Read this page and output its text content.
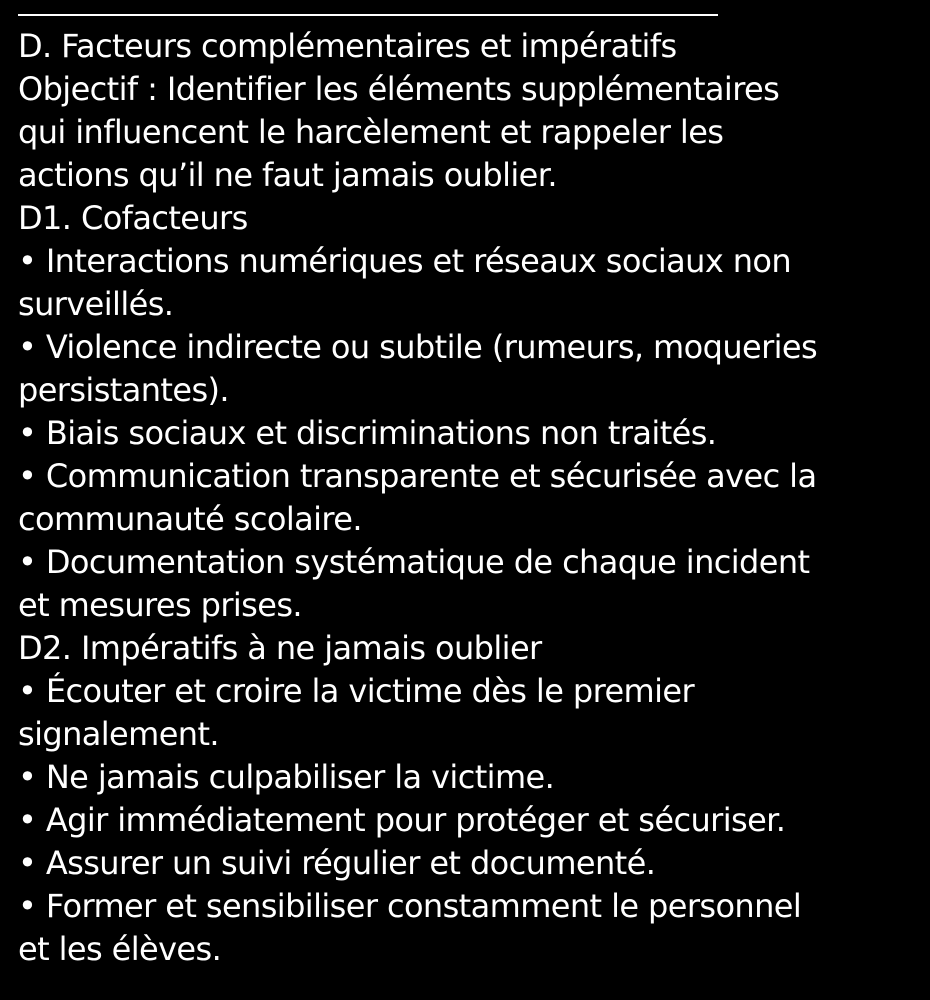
D. Facteurs complémentaires et impératifs

Objectif : Identifier les éléments supplémentaires

qui influencent le harcèlement et rappeler les

actions qu’il ne faut jamais oublier.

D1. Cofacteurs

• Interactions numériques et réseaux sociaux non

surveillés.

• Violence indirecte ou subtile (rumeurs, moqueries

persistantes).

• Biais sociaux et discriminations non traités.

• Communication transparente et sécurisée avec la

communauté scolaire.

• Documentation systématique de chaque incident

et mesures prises.

D2. Impératifs à ne jamais oublier

• Écouter et croire la victime dès le premier

signalement.

• Ne jamais culpabiliser la victime.

• Agir immédiatement pour protéger et sécuriser.

• Assurer un suivi régulier et documenté.

• Former et sensibiliser constamment le personnel

et les élèves.
